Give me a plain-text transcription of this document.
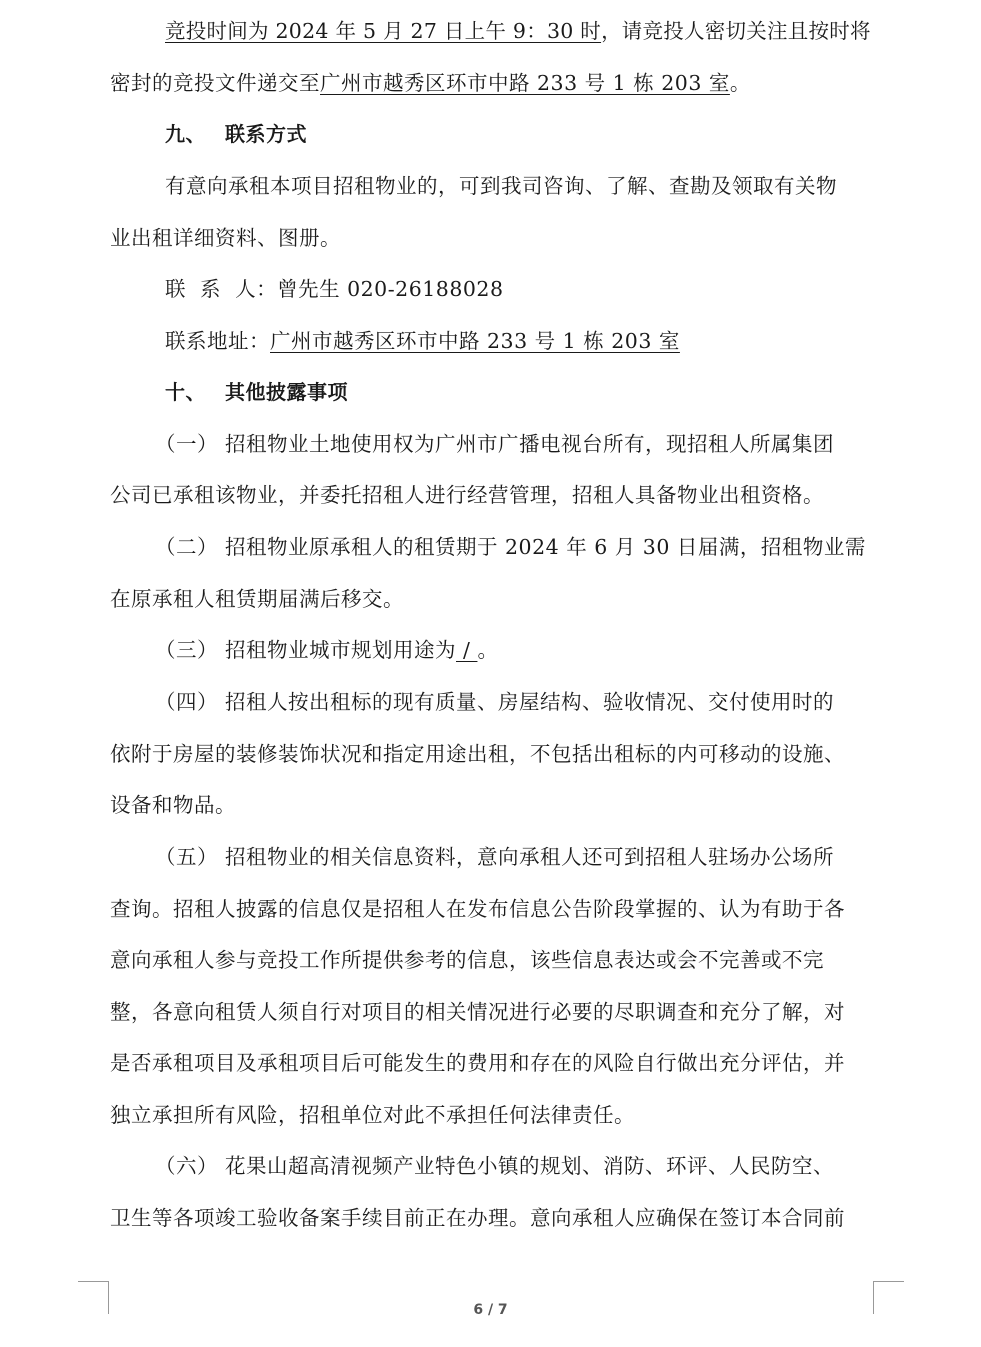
竞投时间为 2024 年 5 月 27 日上午 9：30 时，请竞投人密切关注且按时将
密封的竞投文件递交至广州市越秀区环市中路 233 号 1 栋 203 室。
九、 联系方式
有意向承租本项目招租物业的，可到我司咨询、了解、查勘及领取有关物
业出租详细资料、图册。
联  系  人：曾先生 020-26188028
联系地址：广州市越秀区环市中路 233 号 1 栋 203 室
十、 其他披露事项
（一） 招租物业土地使用权为广州市广播电视台所有，现招租人所属集团
公司已承租该物业，并委托招租人进行经营管理，招租人具备物业出租资格。
（二） 招租物业原承租人的租赁期于 2024 年 6 月 30 日届满，招租物业需
在原承租人租赁期届满后移交。
（三） 招租物业城市规划用途为 / 。
（四） 招租人按出租标的现有质量、房屋结构、验收情况、交付使用时的
依附于房屋的装修装饰状况和指定用途出租，不包括出租标的内可移动的设施、
设备和物品。
（五） 招租物业的相关信息资料，意向承租人还可到招租人驻场办公场所
查询。招租人披露的信息仅是招租人在发布信息公告阶段掌握的、认为有助于各
意向承租人参与竞投工作所提供参考的信息，该些信息表达或会不完善或不完
整，各意向租赁人须自行对项目的相关情况进行必要的尽职调查和充分了解，对
是否承租项目及承租项目后可能发生的费用和存在的风险自行做出充分评估，并
独立承担所有风险，招租单位对此不承担任何法律责任。
（六） 花果山超高清视频产业特色小镇的规划、消防、环评、人民防空、
卫生等各项竣工验收备案手续目前正在办理。意向承租人应确保在签订本合同前
6 / 7
